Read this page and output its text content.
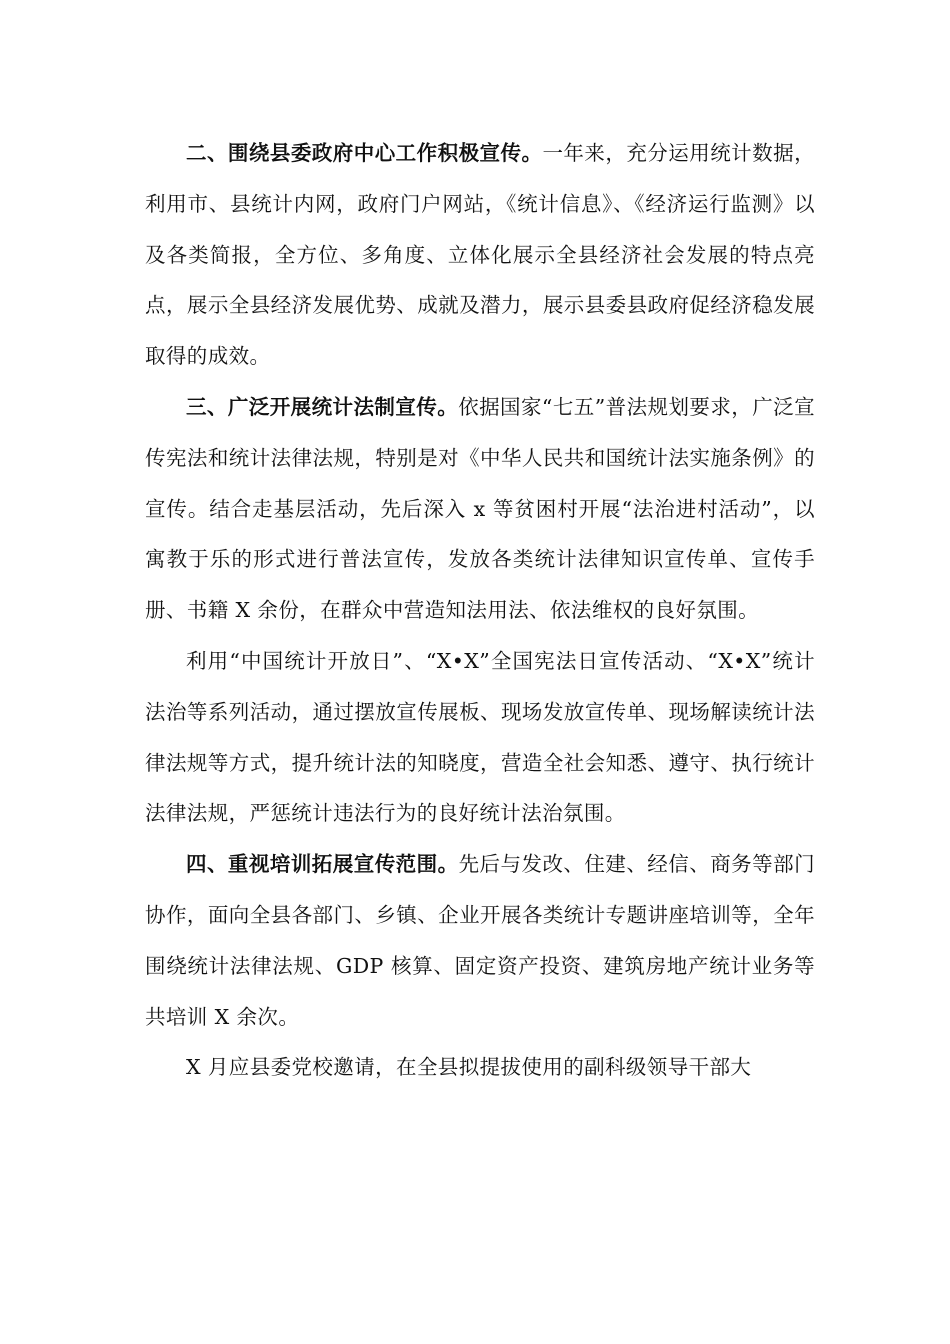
二、围绕县委政府中心工作积极宣传。一年来，充分运用统计数据，利用市、县统计内网，政府门户网站，《统计信息》、《经济运行监测》以及各类简报，全方位、多角度、立体化展示全县经济社会发展的特点亮点，展示全县经济发展优势、成就及潜力，展示县委县政府促经济稳发展取得的成效。

三、广泛开展统计法制宣传。依据国家“七五”普法规划要求，广泛宣传宪法和统计法律法规，特别是对《中华人民共和国统计法实施条例》的宣传。结合走基层活动，先后深入 x 等贫困村开展“法治进村活动”，以寓教于乐的形式进行普法宣传，发放各类统计法律知识宣传单、宣传手册、书籍 X 余份，在群众中营造知法用法、依法维权的良好氛围。

利用“中国统计开放日”、“X•X”全国宪法日宣传活动、“X•X”统计法治等系列活动，通过摆放宣传展板、现场发放宣传单、现场解读统计法律法规等方式，提升统计法的知晓度，营造全社会知悉、遵守、执行统计法律法规，严惩统计违法行为的良好统计法治氛围。

四、重视培训拓展宣传范围。先后与发改、住建、经信、商务等部门协作，面向全县各部门、乡镇、企业开展各类统计专题讲座培训等，全年围绕统计法律法规、GDP 核算、固定资产投资、建筑房地产统计业务等共培训 X 余次。

X 月应县委党校邀请，在全县拟提拔使用的副科级领导干部大
